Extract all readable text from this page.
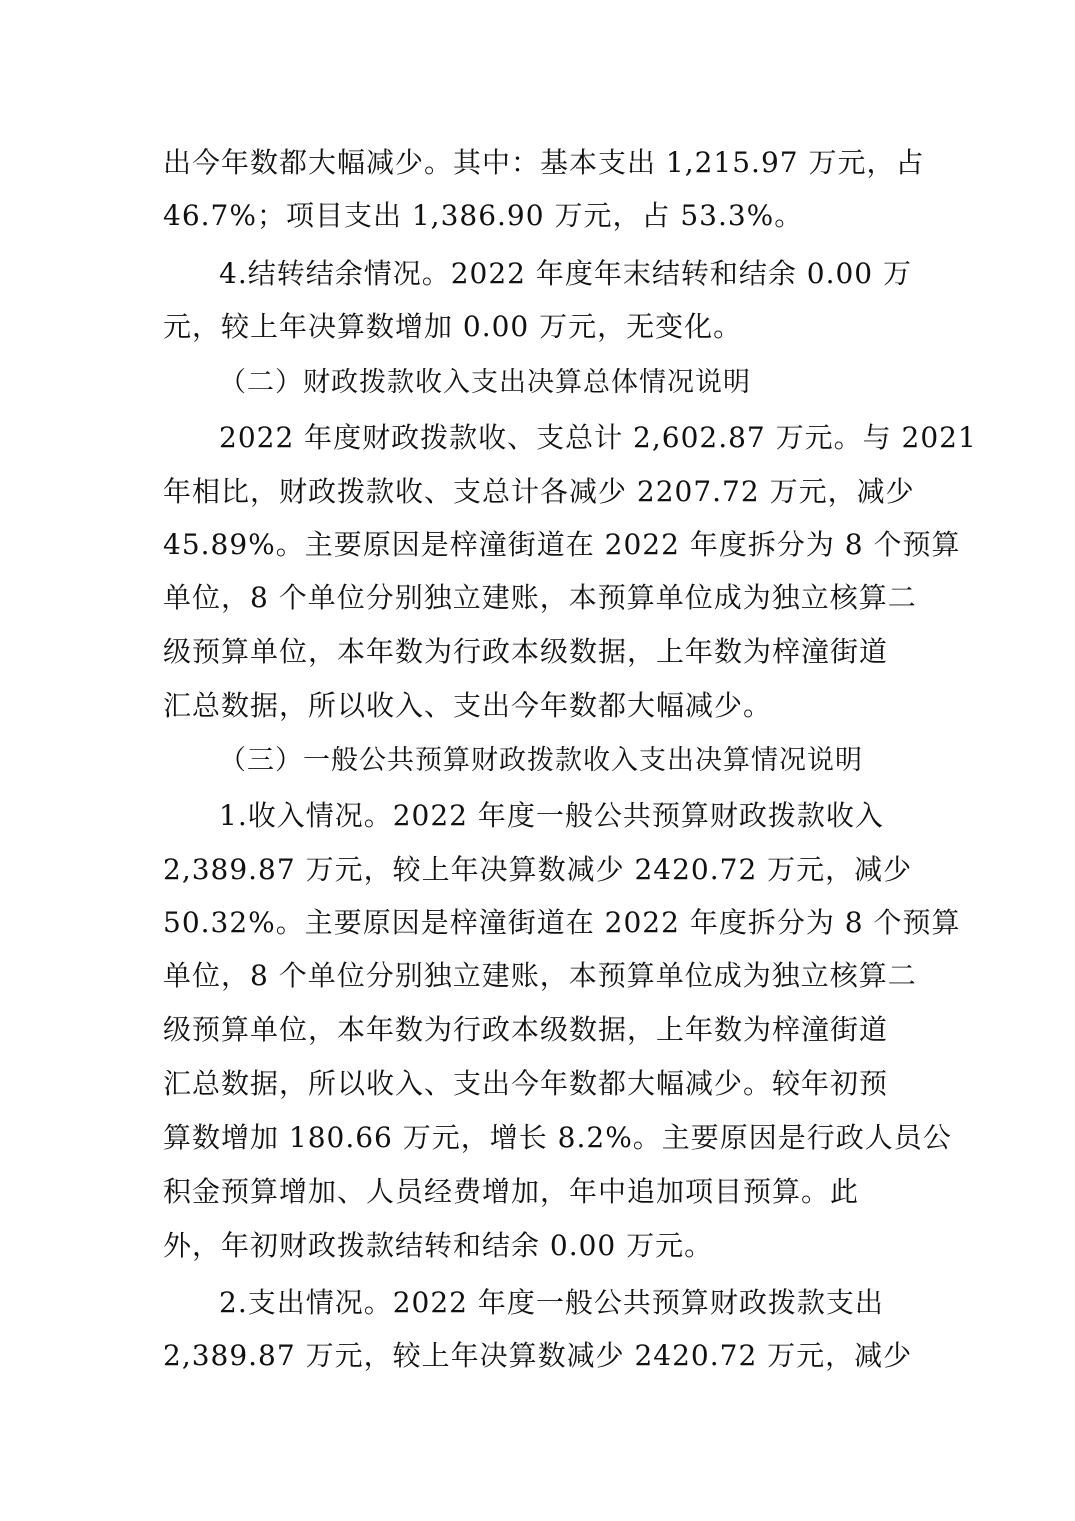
出今年数都大幅减少。其中：基本支出 1,215.97 万元，占
46.7%；项目支出 1,386.90 万元，占 53.3%。
4.结转结余情况。2022 年度年末结转和结余 0.00 万
元，较上年决算数增加 0.00 万元，无变化。
（二）财政拨款收入支出决算总体情况说明
2022 年度财政拨款收、支总计 2,602.87 万元。与 2021
年相比，财政拨款收、支总计各减少 2207.72 万元，减少
45.89%。主要原因是梓潼街道在 2022 年度拆分为 8 个预算
单位，8 个单位分别独立建账，本预算单位成为独立核算二
级预算单位，本年数为行政本级数据，上年数为梓潼街道
汇总数据，所以收入、支出今年数都大幅减少。
（三）一般公共预算财政拨款收入支出决算情况说明
1.收入情况。2022 年度一般公共预算财政拨款收入
2,389.87 万元，较上年决算数减少 2420.72 万元，减少
50.32%。主要原因是梓潼街道在 2022 年度拆分为 8 个预算
单位，8 个单位分别独立建账，本预算单位成为独立核算二
级预算单位，本年数为行政本级数据，上年数为梓潼街道
汇总数据，所以收入、支出今年数都大幅减少。较年初预
算数增加 180.66 万元，增长 8.2%。主要原因是行政人员公
积金预算增加、人员经费增加，年中追加项目预算。此
外，年初财政拨款结转和结余 0.00 万元。
2.支出情况。2022 年度一般公共预算财政拨款支出
2,389.87 万元，较上年决算数减少 2420.72 万元，减少
